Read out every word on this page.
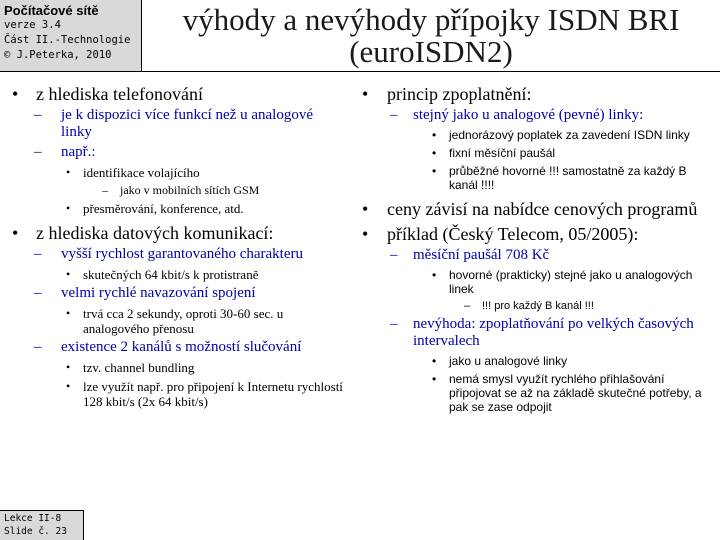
Počítačové sítě
verze 3.4
Část II.-Technologie
© J.Peterka, 2010
výhody a nevýhody přípojky ISDN BRI
(euroISDN2)
• z hlediska telefonování
– je k dispozici více funkcí než u analogové linky
– např.:
• identifikace volajícího
– jako v mobilních sítích GSM
• přesměrování, konference, atd.
• z hlediska datových komunikací:
– vyšší rychlost garantovaného charakteru
• skutečných 64 kbit/s k protistraně
– velmi rychlé navazování spojení
• trvá cca 2 sekundy, oproti 30-60 sec. u analogového přenosu
– existence 2 kanálů s možností slučování
• tzv. channel bundling
• lze využít např. pro připojení k Internetu rychlostí 128 kbit/s (2x 64 kbit/s)
• princip zpoplatnění:
– stejný jako u analogové (pevné) linky:
• jednorázový poplatek za zavedení ISDN linky
• fixní měsíční paušál
• průběžné hovorné !!! samostatně za každý B kanál !!!!
• ceny závisí na nabídce cenových programů
• příklad (Český Telecom, 05/2005):
– měsíční paušál 708 Kč
• hovorné (prakticky) stejné jako u analogových linek
– !!! pro každý B kanál !!!
– nevýhoda: zpoplatňování po velkých časových intervalech
• jako u analogové linky
• nemá smysl využít rychlého přihlašování připojovat se až na základě skutečné potřeby, a pak se zase odpojit
Lekce II-8
Slide č. 23
